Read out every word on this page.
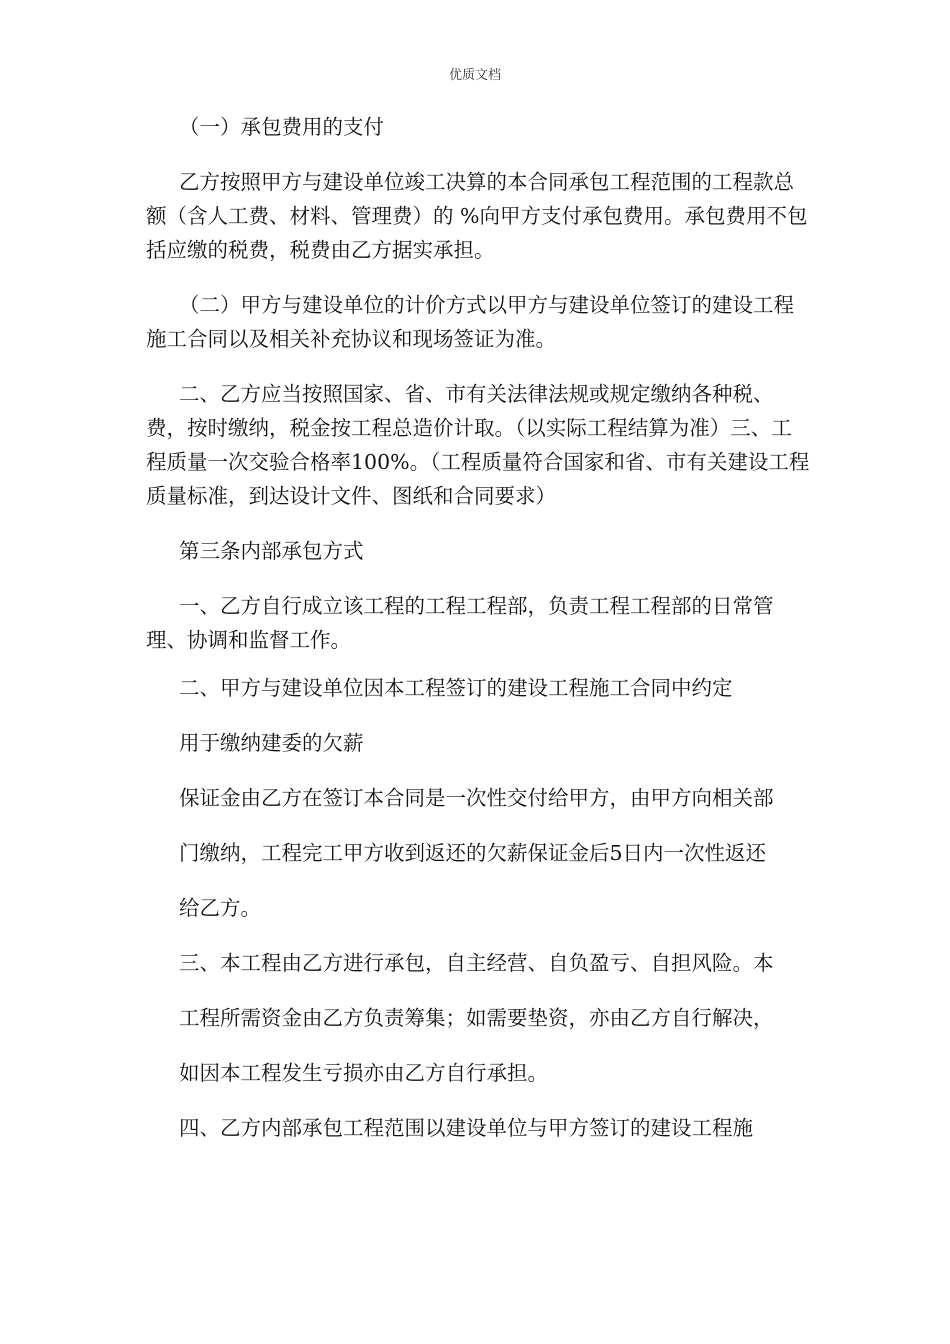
优质文档

（一）承包费用的支付

乙方按照甲方与建设单位竣工决算的本合同承包工程范围的工程款总额（含人工费、材料、管理费）的 %向甲方支付承包费用。承包费用不包括应缴的税费，税费由乙方据实承担。

（二）甲方与建设单位的计价方式以甲方与建设单位签订的建设工程施工合同以及相关补充协议和现场签证为准。

二、乙方应当按照国家、省、市有关法律法规或规定缴纳各种税、费，按时缴纳，税金按工程总造价计取。（以实际工程结算为准）三、工程质量一次交验合格率100%。（工程质量符合国家和省、市有关建设工程质量标准，到达设计文件、图纸和合同要求）

第三条内部承包方式

一、乙方自行成立该工程的工程工程部，负责工程工程部的日常管理、协调和监督工作。

二、甲方与建设单位因本工程签订的建设工程施工合同中约定

用于缴纳建委的欠薪

保证金由乙方在签订本合同是一次性交付给甲方，由甲方向相关部

门缴纳，工程完工甲方收到返还的欠薪保证金后5日内一次性返还

给乙方。

三、本工程由乙方进行承包，自主经营、自负盈亏、自担风险。本

工程所需资金由乙方负责筹集；如需要垫资，亦由乙方自行解决，

如因本工程发生亏损亦由乙方自行承担。

四、乙方内部承包工程范围以建设单位与甲方签订的建设工程施
